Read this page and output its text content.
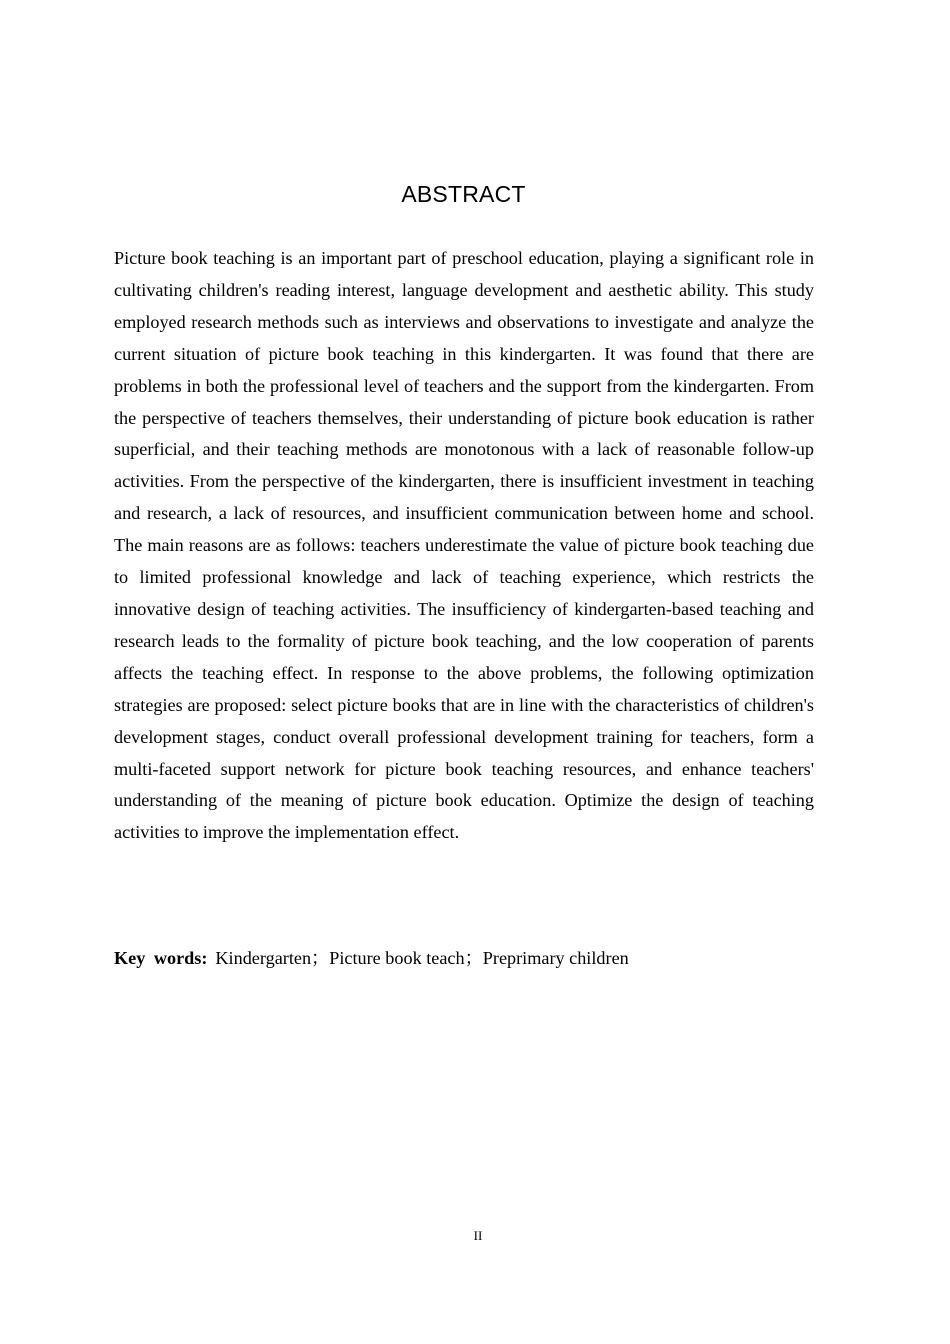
ABSTRACT

Picture book teaching is an important part of preschool education, playing a significant role in cultivating children's reading interest, language development and aesthetic ability. This study employed research methods such as interviews and observations to investigate and analyze the current situation of picture book teaching in this kindergarten. It was found that there are problems in both the professional level of teachers and the support from the kindergarten. From the perspective of teachers themselves, their understanding of picture book education is rather superficial, and their teaching methods are monotonous with a lack of reasonable follow-up activities. From the perspective of the kindergarten, there is insufficient investment in teaching and research, a lack of resources, and insufficient communication between home and school. The main reasons are as follows: teachers underestimate the value of picture book teaching due to limited professional knowledge and lack of teaching experience, which restricts the innovative design of teaching activities. The insufficiency of kindergarten-based teaching and research leads to the formality of picture book teaching, and the low cooperation of parents affects the teaching effect. In response to the above problems, the following optimization strategies are proposed: select picture books that are in line with the characteristics of children's development stages, conduct overall professional development training for teachers, form a multi-faceted support network for picture book teaching resources, and enhance teachers' understanding of the meaning of picture book education. Optimize the design of teaching activities to improve the implementation effect.

Key words: Kindergarten；Picture book teach；Preprimary children
II
